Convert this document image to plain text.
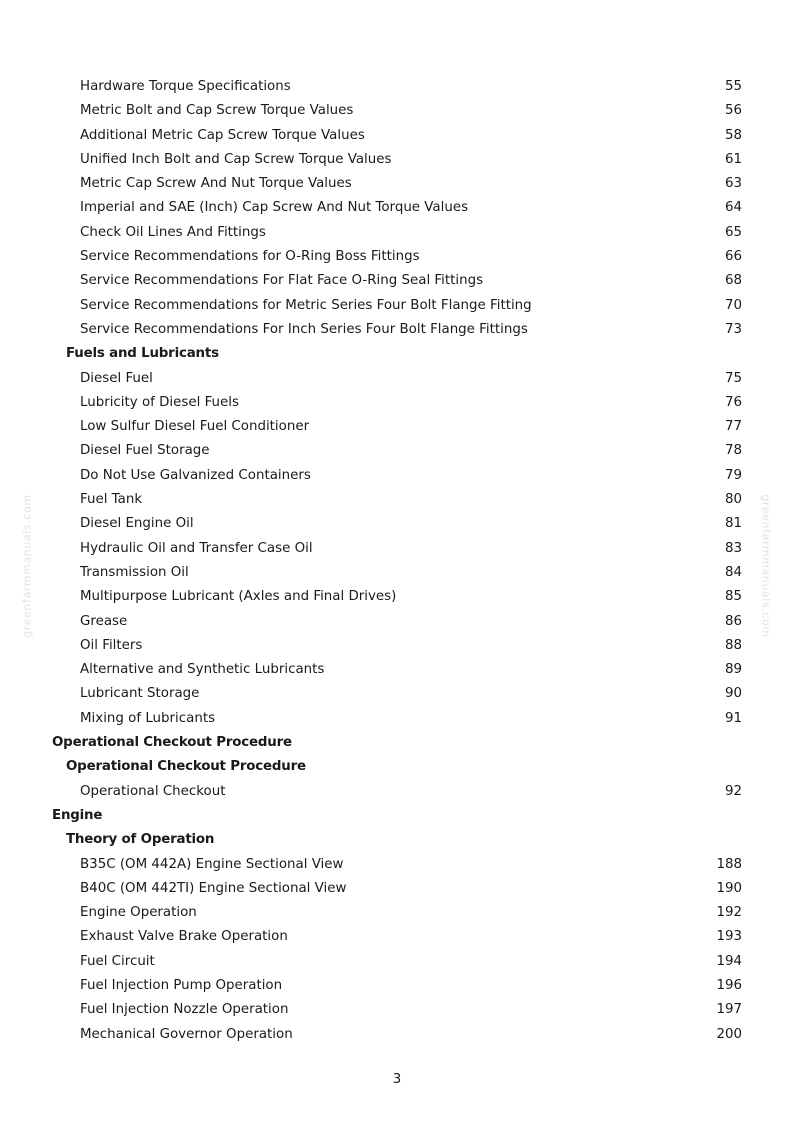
Hardware Torque Specifications	55
Metric Bolt and Cap Screw Torque Values	56
Additional Metric Cap Screw Torque Values	58
Unified Inch Bolt and Cap Screw Torque Values	61
Metric Cap Screw And Nut Torque Values	63
Imperial and SAE (Inch) Cap Screw And Nut Torque Values	64
Check Oil Lines And Fittings	65
Service Recommendations for O-Ring Boss Fittings	66
Service Recommendations For Flat Face O-Ring Seal Fittings	68
Service Recommendations for Metric Series Four Bolt Flange Fitting	70
Service Recommendations For Inch Series Four Bolt Flange Fittings	73
Fuels and Lubricants
Diesel Fuel	75
Lubricity of Diesel Fuels	76
Low Sulfur Diesel Fuel Conditioner	77
Diesel Fuel Storage	78
Do Not Use Galvanized Containers	79
Fuel Tank	80
Diesel Engine Oil	81
Hydraulic Oil and Transfer Case Oil	83
Transmission Oil	84
Multipurpose Lubricant (Axles and Final Drives)	85
Grease	86
Oil Filters	88
Alternative and Synthetic Lubricants	89
Lubricant Storage	90
Mixing of Lubricants	91
Operational Checkout Procedure
Operational Checkout Procedure
Operational Checkout	92
Engine
Theory of Operation
B35C (OM 442A) Engine Sectional View	188
B40C (OM 442TI) Engine Sectional View	190
Engine Operation	192
Exhaust Valve Brake Operation	193
Fuel Circuit	194
Fuel Injection Pump Operation	196
Fuel Injection Nozzle Operation	197
Mechanical Governor Operation	200
3
greenfarmmanuals.com	greenfarmmanuals.com
